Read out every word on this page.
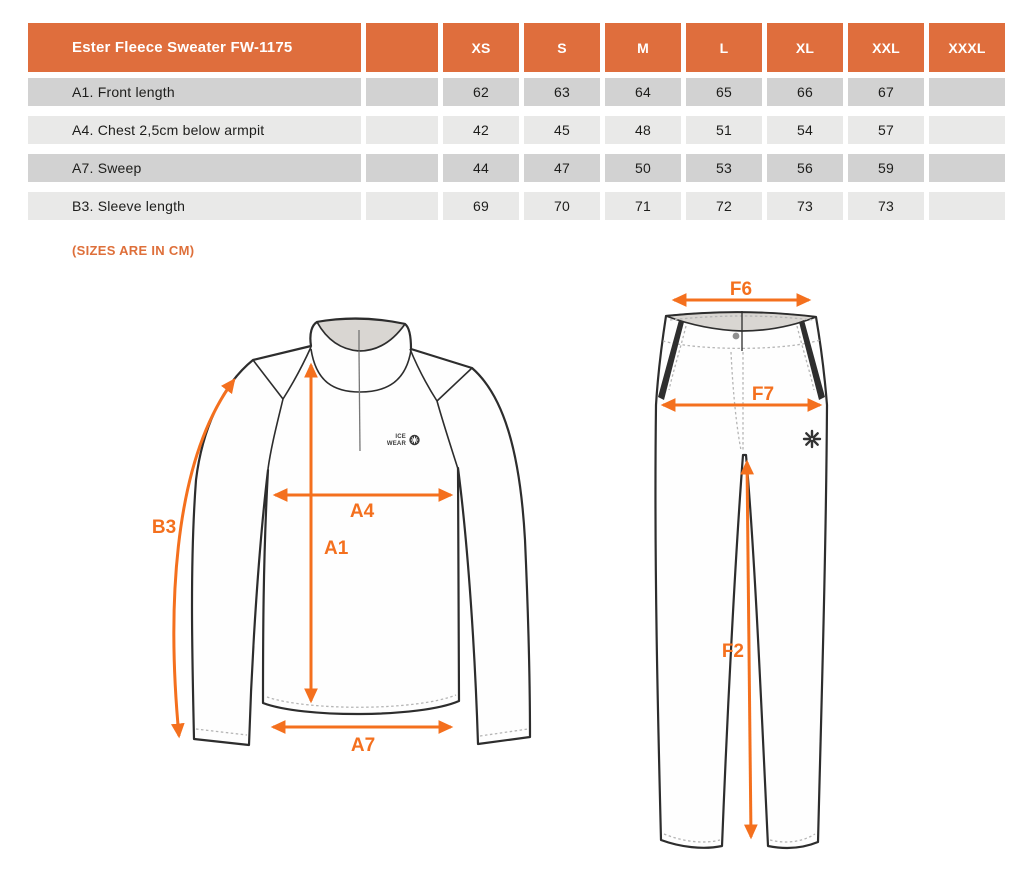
Ester Fleece Sweater FW-1175	XS	S	M	L	XL	XXL	XXXL
A1. Front length	62	63	64	65	66	67
A4. Chest 2,5cm below armpit	42	45	48	51	54	57
A7. Sweep	44	47	50	53	56	59
B3. Sleeve length	69	70	71	72	73	73
(SIZES ARE IN CM)
ICE
WEAR
B3
A4
A1
A7
F6
F7
F2
